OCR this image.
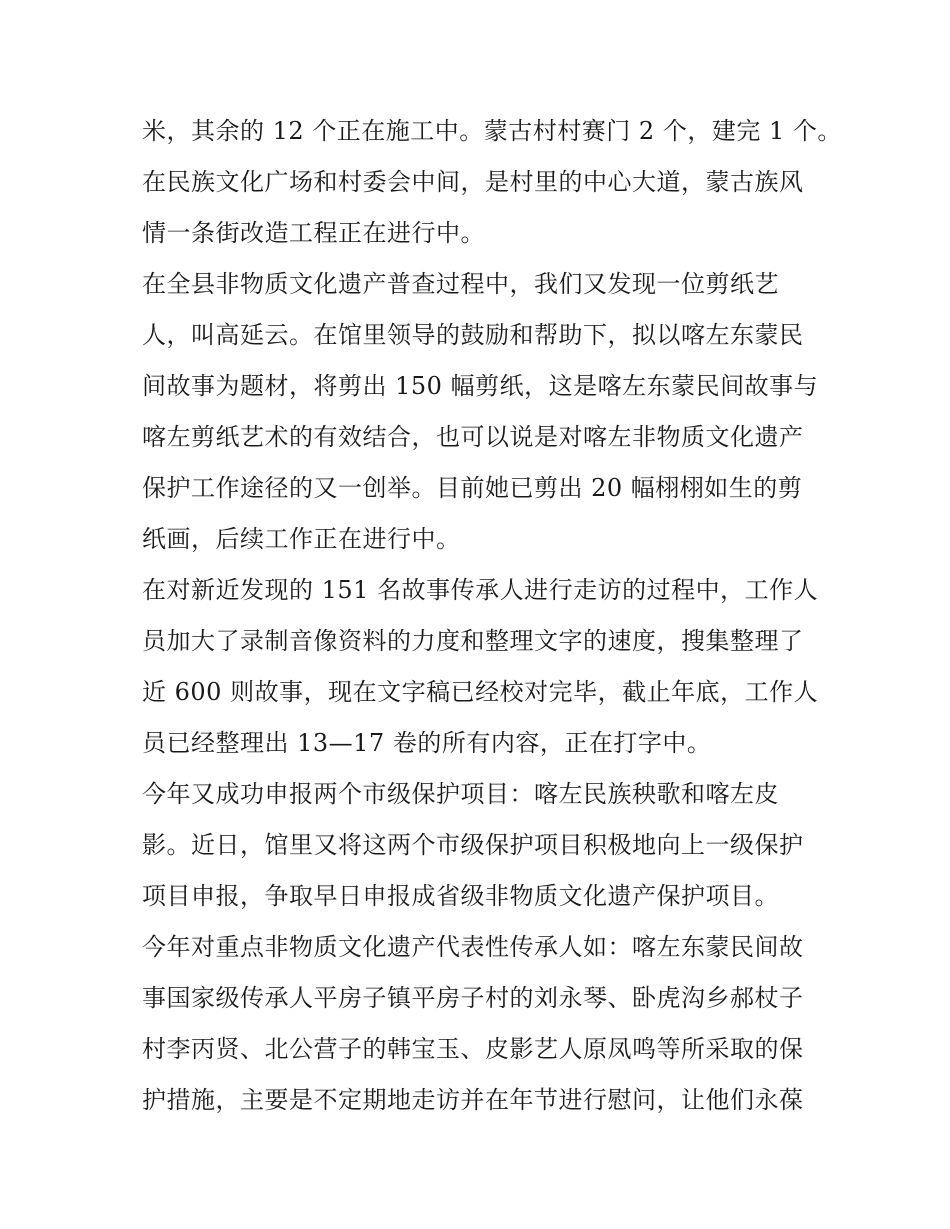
米，其余的 12 个正在施工中。蒙古村村赛门 2 个，建完 1 个。
在民族文化广场和村委会中间，是村里的中心大道，蒙古族风
情一条街改造工程正在进行中。
在全县非物质文化遗产普查过程中，我们又发现一位剪纸艺
人，叫高延云。在馆里领导的鼓励和帮助下，拟以喀左东蒙民
间故事为题材，将剪出 150 幅剪纸，这是喀左东蒙民间故事与
喀左剪纸艺术的有效结合，也可以说是对喀左非物质文化遗产
保护工作途径的又一创举。目前她已剪出 20 幅栩栩如生的剪
纸画，后续工作正在进行中。
在对新近发现的 151 名故事传承人进行走访的过程中，工作人
员加大了录制音像资料的力度和整理文字的速度，搜集整理了
近 600 则故事，现在文字稿已经校对完毕，截止年底，工作人
员已经整理出 13—17 卷的所有内容，正在打字中。
今年又成功申报两个市级保护项目：喀左民族秧歌和喀左皮
影。近日，馆里又将这两个市级保护项目积极地向上一级保护
项目申报，争取早日申报成省级非物质文化遗产保护项目。
今年对重点非物质文化遗产代表性传承人如：喀左东蒙民间故
事国家级传承人平房子镇平房子村的刘永琴、卧虎沟乡郝杖子
村李丙贤、北公营子的韩宝玉、皮影艺人原凤鸣等所采取的保
护措施，主要是不定期地走访并在年节进行慰问，让他们永葆
